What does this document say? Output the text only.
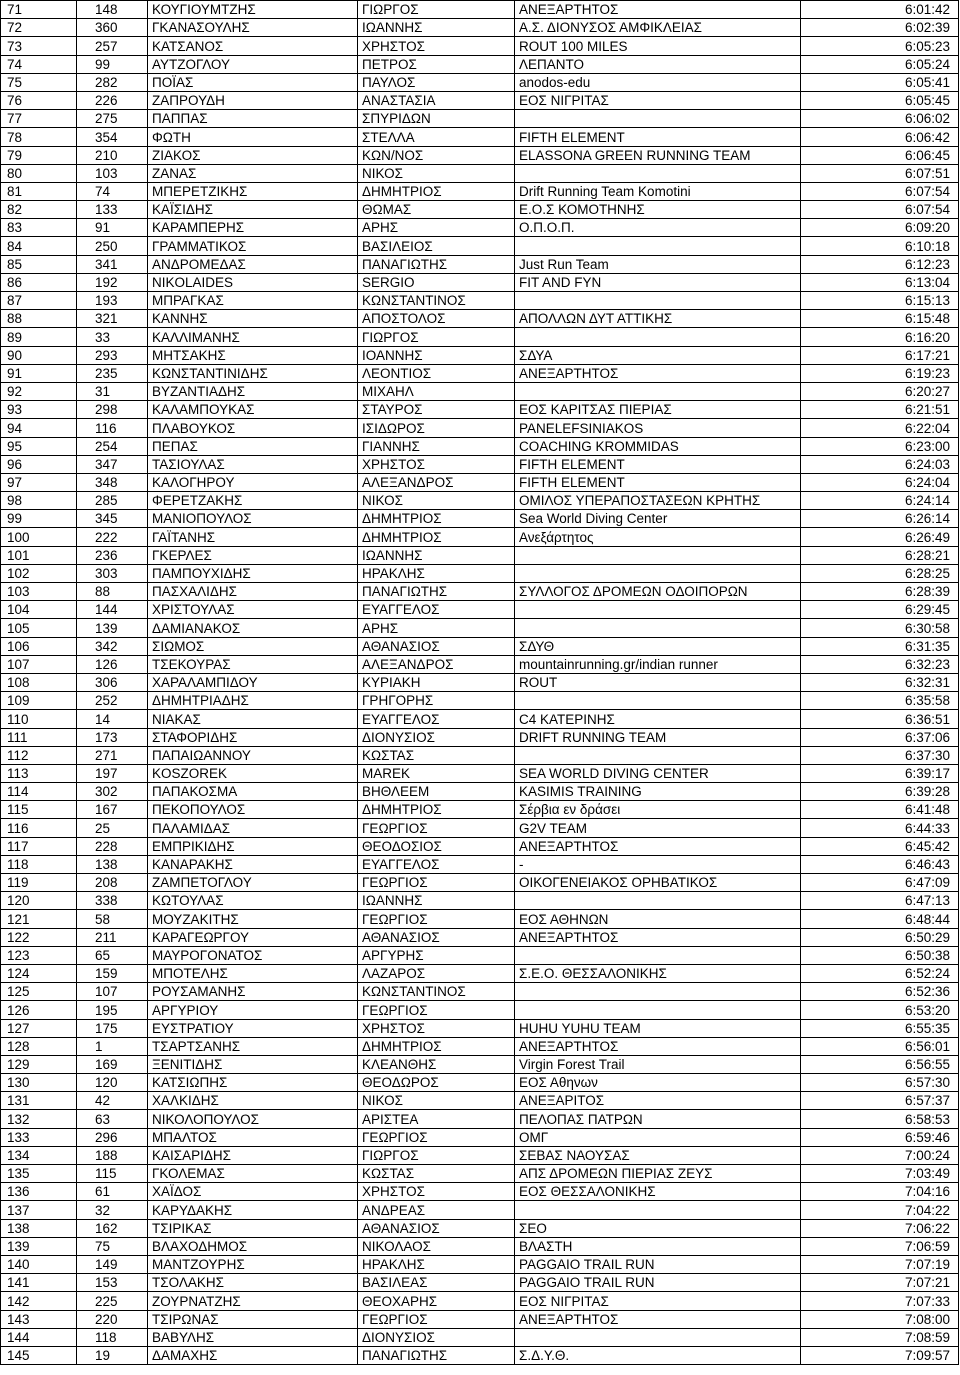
71	148	ΚΟΥΓΙΟΥΜΤΖΗΣ	ΓΙΩΡΓΟΣ	ΑΝΕΞΑΡΤΗΤΟΣ	6:01:42
72	360	ΓΚΑΝΑΣΟΥΛΗΣ	ΙΩΑΝΝΗΣ	Α.Σ. ΔΙΟΝΥΣΟΣ ΑΜΦΙΚΛΕΙΑΣ	6:02:39
73	257	ΚΑΤΣΑΝΟΣ	ΧΡΗΣΤΟΣ	ROUT 100 MILES	6:05:23
74	99	ΑΥΤΖΟΓΛΟΥ	ΠΕΤΡΟΣ	ΛΕΠΑΝΤΟ	6:05:24
75	282	ΠΟΪΑΣ	ΠΑΥΛΟΣ	anodos-edu	6:05:41
76	226	ΖΑΠΡΟΥΔΗ	ΑΝΑΣΤΑΣΙΑ	ΕΟΣ ΝΙΓΡΙΤΑΣ	6:05:45
77	275	ΠΑΠΠΑΣ	ΣΠΥΡΙΔΩΝ		6:06:02
78	354	ΦΩΤΗ	ΣΤΕΛΛΑ	FIFTH ELEMENT	6:06:42
79	210	ΖΙΑΚΟΣ	ΚΩΝ/ΝΟΣ	ELASSONA GREEN RUNNING TEAM	6:06:45
80	103	ΖΑΝΑΣ	ΝΙΚΟΣ		6:07:51
81	74	ΜΠΕΡΕΤΖΙΚΗΣ	ΔΗΜΗΤΡΙΟΣ	Drift Running Team Komotini	6:07:54
82	133	ΚΑΪΣΙΔΗΣ	ΘΩΜΑΣ	Ε.Ο.Σ ΚΟΜΟΤΗΝΗΣ	6:07:54
83	91	ΚΑΡΑΜΠΕΡΗΣ	ΑΡΗΣ	Ο.Π.Ο.Π.	6:09:20
84	250	ΓΡΑΜΜΑΤΙΚΟΣ	ΒΑΣΙΛΕΙΟΣ		6:10:18
85	341	ΑΝΔΡΟΜΕΔΑΣ	ΠΑΝΑΓΙΩΤΗΣ	Just Run Team	6:12:23
86	192	NIKOLAIDES	SERGIO	FIT AND FYN	6:13:04
87	193	ΜΠΡΑΓΚΑΣ	ΚΩΝΣΤΑΝΤΙΝΟΣ		6:15:13
88	321	ΚΑΝΝΗΣ	ΑΠΟΣΤΟΛΟΣ	ΑΠΟΛΛΩΝ ΔΥΤ ΑΤΤΙΚΗΣ	6:15:48
89	33	ΚΑΛΛΙΜΑΝΗΣ	ΓΙΩΡΓΟΣ		6:16:20
90	293	ΜΗΤΣΑΚΗΣ	ΙΟΑΝΝΗΣ	ΣΔΥΑ	6:17:21
91	235	ΚΩΝΣΤΑΝΤΙΝΙΔΗΣ	ΛΕΟΝΤΙΟΣ	ΑΝΕΞΑΡΤΗΤΟΣ	6:19:23
92	31	ΒΥΖΑΝΤΙΑΔΗΣ	ΜΙΧΑΗΛ		6:20:27
93	298	ΚΑΛΑΜΠΟΥΚΑΣ	ΣΤΑΥΡΟΣ	ΕΟΣ ΚΑΡΙΤΣΑΣ ΠΙΕΡΙΑΣ	6:21:51
94	116	ΠΛΑΒΟΥΚΟΣ	ΙΣΙΔΩΡΟΣ	PANELEFSINIAKOS	6:22:04
95	254	ΠΕΠΑΣ	ΓΙΑΝΝΗΣ	COACHING KROMMIDAS	6:23:00
96	347	ΤΑΣΙΟΥΛΑΣ	ΧΡΗΣΤΟΣ	FIFTH ELEMENT	6:24:03
97	348	ΚΑΛΟΓΗΡΟΥ	ΑΛΕΞΑΝΔΡΟΣ	FIFTH ELEMENT	6:24:04
98	285	ΦΕΡΕΤΖΑΚΗΣ	ΝΙΚΟΣ	ΟΜΙΛΟΣ ΥΠΕΡΑΠΟΣΤΑΣΕΩΝ ΚΡΗΤΗΣ	6:24:14
99	345	ΜΑΝΙΟΠΟΥΛΟΣ	ΔΗΜΗΤΡΙΟΣ	Sea World Diving Center	6:26:14
100	222	ΓΑΪΤΑΝΗΣ	ΔΗΜΗΤΡΙΟΣ	Ανεξάρτητος	6:26:49
101	236	ΓΚΕΡΛΕΣ	ΙΩΑΝΝΗΣ		6:28:21
102	303	ΠΑΜΠΟΥΧΙΔΗΣ	ΗΡΑΚΛΗΣ		6:28:25
103	88	ΠΑΣΧΑΛΙΔΗΣ	ΠΑΝΑΓΙΩΤΗΣ	ΣΥΛΛΟΓΟΣ ΔΡΟΜΕΩΝ ΟΔΟΙΠΟΡΩΝ	6:28:39
104	144	ΧΡΙΣΤΟΥΛΑΣ	ΕΥΑΓΓΕΛΟΣ		6:29:45
105	139	ΔΑΜΙΑΝΑΚΟΣ	ΑΡΗΣ		6:30:58
106	342	ΣΙΩΜΟΣ	ΑΘΑΝΑΣΙΟΣ	ΣΔΥΘ	6:31:35
107	126	ΤΣΕΚΟΥΡΑΣ	ΑΛΕΞΑΝΔΡΟΣ	mountainrunning.gr/indian runner	6:32:23
108	306	ΧΑΡΑΛΑΜΠΙΔΟΥ	ΚΥΡΙΑΚΗ	ROUT	6:32:31
109	252	ΔΗΜΗΤΡΙΑΔΗΣ	ΓΡΗΓΟΡΗΣ		6:35:58
110	14	ΝΙΑΚΑΣ	ΕΥΑΓΓΕΛΟΣ	C4 ΚΑΤΕΡΙΝΗΣ	6:36:51
111	173	ΣΤΑΦΟΡΙΔΗΣ	ΔΙΟΝΥΣΙΟΣ	DRIFT RUNNING TEAM	6:37:06
112	271	ΠΑΠΑΙΩΑΝΝΟΥ	ΚΩΣΤΑΣ		6:37:30
113	197	KOSZOREK	MAREK	SEA WORLD DIVING CENTER	6:39:17
114	302	ΠΑΠΑΚΟΣΜΑ	ΒΗΘΛΕΕΜ	KASIMIS TRAINING	6:39:28
115	167	ΠΕΚΟΠΟΥΛΟΣ	ΔΗΜΗΤΡΙΟΣ	Σέρβια εν δράσει	6:41:48
116	25	ΠΑΛΑΜΙΔΑΣ	ΓΕΩΡΓΙΟΣ	G2V TEAM	6:44:33
117	228	ΕΜΠΡΙΚΙΔΗΣ	ΘΕΟΔΟΣΙΟΣ	ΑΝΕΞΑΡΤΗΤΟΣ	6:45:42
118	138	ΚΑΝΑΡΑΚΗΣ	ΕΥΑΓΓΕΛΟΣ	-	6:46:43
119	208	ΖΑΜΠΕΤΟΓΛΟΥ	ΓΕΩΡΓΙΟΣ	ΟΙΚΟΓΕΝΕΙΑΚΟΣ ΟΡΗΒΑΤΙΚΟΣ	6:47:09
120	338	ΚΩΤΟΥΛΑΣ	ΙΩΑΝΝΗΣ		6:47:13
121	58	ΜΟΥΖΑΚΙΤΗΣ	ΓΕΩΡΓΙΟΣ	ΕΟΣ ΑΘΗΝΩΝ	6:48:44
122	211	ΚΑΡΑΓΕΩΡΓΟΥ	ΑΘΑΝΑΣΙΟΣ	ΑΝΕΞΑΡΤΗΤΟΣ	6:50:29
123	65	ΜΑΥΡΟΓΟΝΑΤΟΣ	ΑΡΓΥΡΗΣ		6:50:38
124	159	ΜΠΟΤΕΛΗΣ	ΛΑΖΑΡΟΣ	Σ.Ε.Ο. ΘΕΣΣΑΛΟΝΙΚΗΣ	6:52:24
125	107	ΡΟΥΣΑΜΑΝΗΣ	ΚΩΝΣΤΑΝΤΙΝΟΣ		6:52:36
126	195	ΑΡΓΥΡΙΟΥ	ΓΕΩΡΓΙΟΣ		6:53:20
127	175	ΕΥΣΤΡΑΤΙΟΥ	ΧΡΗΣΤΟΣ	HUHU YUHU TEAM	6:55:35
128	1	ΤΣΑΡΤΣΑΝΗΣ	ΔΗΜΗΤΡΙΟΣ	ΑΝΕΞΑΡΤΗΤΟΣ	6:56:01
129	169	ΞΕΝΙΤΙΔΗΣ	ΚΛΕΑΝΘΗΣ	Virgin Forest Trail	6:56:55
130	120	ΚΑΤΣΙΩΠΗΣ	ΘΕΟΔΩΡΟΣ	ΕΟΣ Αθηνων	6:57:30
131	42	ΧΑΛΚΙΔΗΣ	ΝΙΚΟΣ	ΑΝΕΞΑΡΙΤΟΣ	6:57:37
132	63	ΝΙΚΟΛΟΠΟΥΛΟΣ	ΑΡΙΣΤΕΑ	ΠΕΛΟΠΑΣ ΠΑΤΡΩΝ	6:58:53
133	296	ΜΠΑΛΤΟΣ	ΓΕΩΡΓΙΟΣ	ΟΜΓ	6:59:46
134	188	ΚΑΙΣΑΡΙΔΗΣ	ΓΙΩΡΓΟΣ	ΣΕΒΑΣ ΝΑΟΥΣΑΣ	7:00:24
135	115	ΓΚΟΛΕΜΑΣ	ΚΩΣΤΑΣ	ΑΠΣ ΔΡΟΜΕΩΝ ΠΙΕΡΙΑΣ ΖΕΥΣ	7:03:49
136	61	ΧΑΪΔΟΣ	ΧΡΗΣΤΟΣ	ΕΟΣ ΘΕΣΣΑΛΟΝΙΚΗΣ	7:04:16
137	32	ΚΑΡΥΔΑΚΗΣ	ΑΝΔΡΕΑΣ		7:04:22
138	162	ΤΣΙΡΙΚΑΣ	ΑΘΑΝΑΣΙΟΣ	ΣΕΟ	7:06:22
139	75	ΒΛΑΧΟΔΗΜΟΣ	ΝΙΚΟΛΑΟΣ	ΒΛΑΣΤΗ	7:06:59
140	149	ΜΑΝΤΖΟΥΡΗΣ	ΗΡΑΚΛΗΣ	PAGGAIO TRAIL RUN	7:07:19
141	153	ΤΣΟΛΑΚΗΣ	ΒΑΣΙΛΕΑΣ	PAGGAIO TRAIL RUN	7:07:21
142	225	ΖΟΥΡΝΑΤΖΗΣ	ΘΕΟΧΑΡΗΣ	ΕΟΣ ΝΙΓΡΙΤΑΣ	7:07:33
143	220	ΤΣΙΡΩΝΑΣ	ΓΕΩΡΓΙΟΣ	ΑΝΕΞΑΡΤΗΤΟΣ	7:08:00
144	118	ΒΑΒΥΛΗΣ	ΔΙΟΝΥΣΙΟΣ		7:08:59
145	19	ΔΑΜΑΧΗΣ	ΠΑΝΑΓΙΩΤΗΣ	Σ.Δ.Υ.Θ.	7:09:57
